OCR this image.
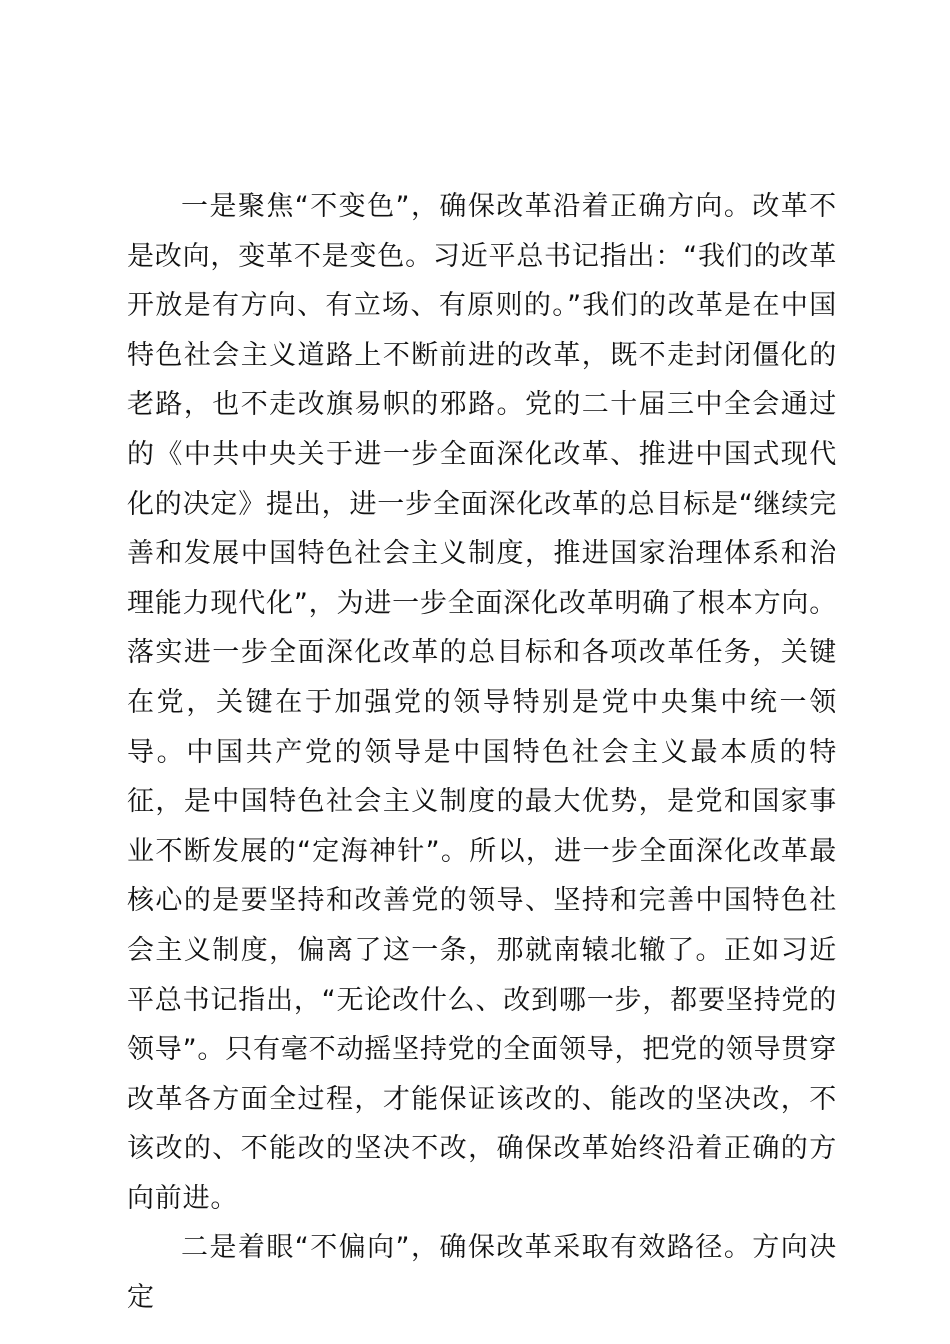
一是聚焦“不变色”，确保改革沿着正确方向。改革不是改向，变革不是变色。习近平总书记指出：“我们的改革开放是有方向、有立场、有原则的。”我们的改革是在中国特色社会主义道路上不断前进的改革，既不走封闭僵化的老路，也不走改旗易帜的邪路。党的二十届三中全会通过的《中共中央关于进一步全面深化改革、推进中国式现代化的决定》提出，进一步全面深化改革的总目标是“继续完善和发展中国特色社会主义制度，推进国家治理体系和治理能力现代化”，为进一步全面深化改革明确了根本方向。落实进一步全面深化改革的总目标和各项改革任务，关键在党，关键在于加强党的领导特别是党中央集中统一领导。中国共产党的领导是中国特色社会主义最本质的特征，是中国特色社会主义制度的最大优势，是党和国家事业不断发展的“定海神针”。所以，进一步全面深化改革最核心的是要坚持和改善党的领导、坚持和完善中国特色社会主义制度，偏离了这一条，那就南辕北辙了。正如习近平总书记指出，“无论改什么、改到哪一步，都要坚持党的领导”。只有毫不动摇坚持党的全面领导，把党的领导贯穿改革各方面全过程，才能保证该改的、能改的坚决改，不该改的、不能改的坚决不改，确保改革始终沿着正确的方向前进。

二是着眼“不偏向”，确保改革采取有效路径。方向决定
